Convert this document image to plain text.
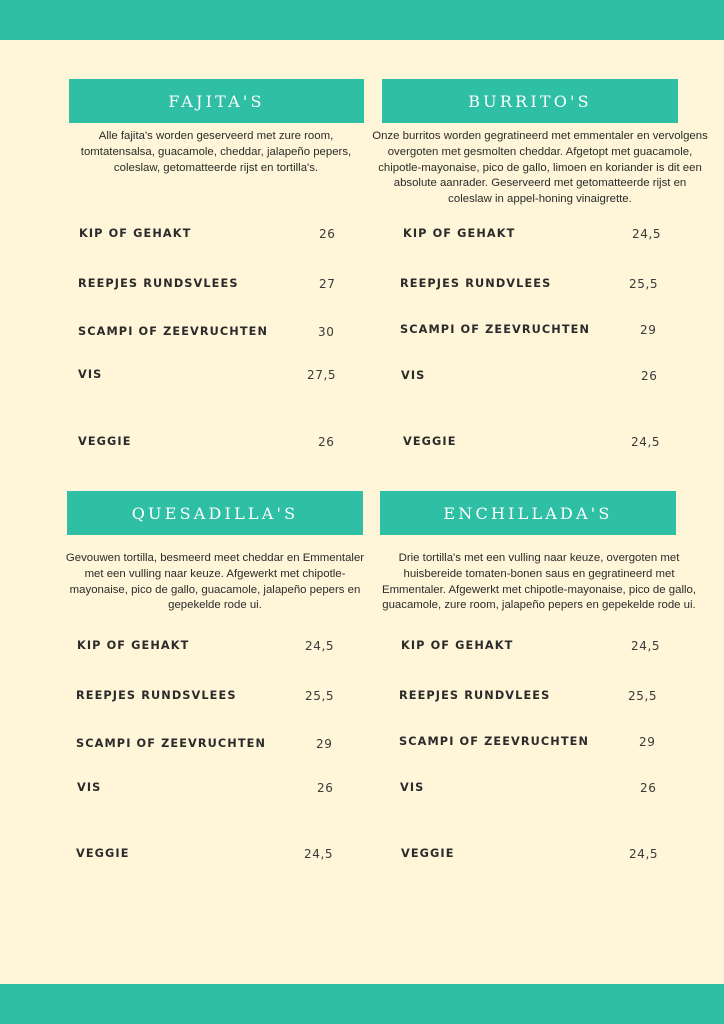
FAJITA'S
Alle fajita's worden geserveerd met zure room, tomtatensalsa, guacamole, cheddar, jalapeño pepers, coleslaw, getomatteerde rijst en tortilla's.
KIP OF GEHAKT	26
REEPJES RUNDSVLEES	27
SCAMPI OF ZEEVRUCHTEN	30
VIS	27,5
VEGGIE	26
BURRITO'S
Onze burritos worden gegratineerd met emmentaler en vervolgens overgoten met gesmolten cheddar. Afgetopt met guacamole, chipotle-mayonaise, pico de gallo, limoen en koriander is dit een absolute aanrader. Geserveerd met getomatteerde rijst en coleslaw in appel-honing vinaigrette.
KIP OF GEHAKT	24,5
REEPJES RUNDVLEES	25,5
SCAMPI OF ZEEVRUCHTEN	29
VIS	26
VEGGIE	24,5
QUESADILLA'S
Gevouwen tortilla, besmeerd meet cheddar en Emmentaler met een vulling naar keuze. Afgewerkt met chipotle-mayonaise, pico de gallo, guacamole, jalapeño pepers en gepekelde rode ui.
KIP OF GEHAKT	24,5
REEPJES RUNDSVLEES	25,5
SCAMPI OF ZEEVRUCHTEN	29
VIS	26
VEGGIE	24,5
ENCHILLADA'S
Drie tortilla's met een vulling naar keuze, overgoten met huisbereide tomaten-bonen saus en gegratineerd met Emmentaler. Afgewerkt met chipotle-mayonaise, pico de gallo, guacamole, zure room, jalapeño pepers en gepekelde rode ui.
KIP OF GEHAKT	24,5
REEPJES RUNDVLEES	25,5
SCAMPI OF ZEEVRUCHTEN	29
VIS	26
VEGGIE	24,5
